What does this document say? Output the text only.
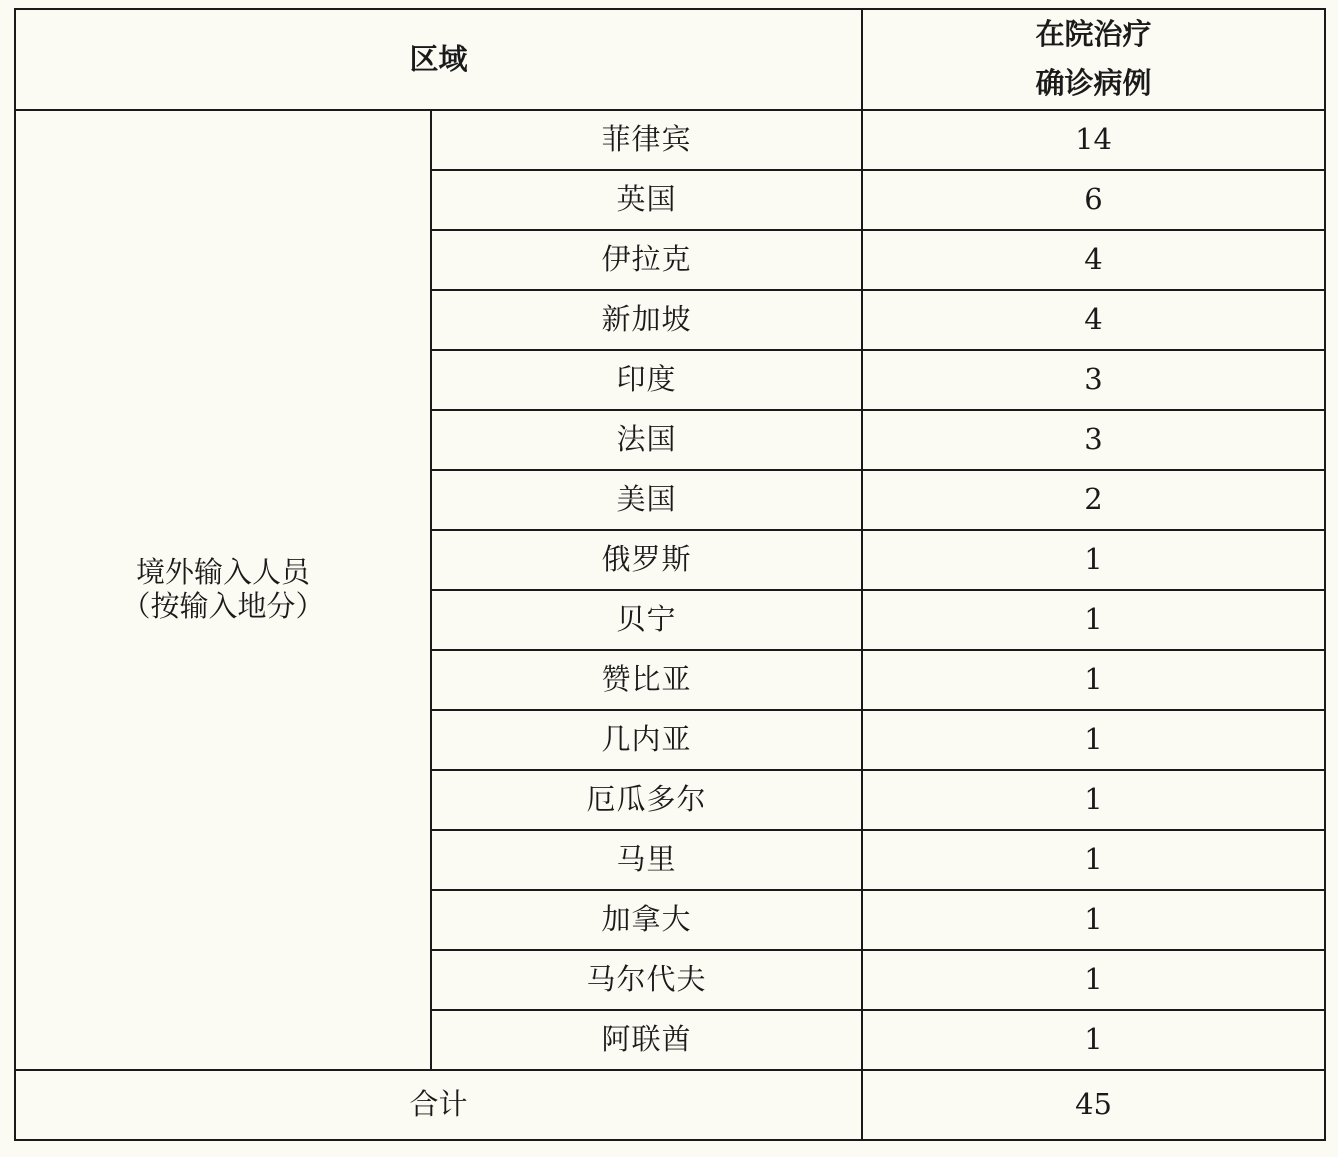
区域		在院治疗
确诊病例

境外输入人员
（按输入地分）	菲律宾	14
	英国	6
	伊拉克	4
	新加坡	4
	印度	3
	法国	3
	美国	2
	俄罗斯	1
	贝宁	1
	赞比亚	1
	几内亚	1
	厄瓜多尔	1
	马里	1
	加拿大	1
	马尔代夫	1
	阿联酋	1
合计		45
